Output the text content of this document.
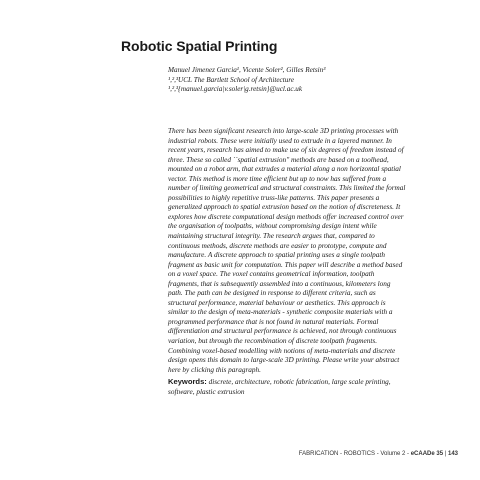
Robotic Spatial Printing

Manuel Jimenez Garcia¹, Vicente Soler², Gilles Retsin³

¹,²,³UCL The Bartlett School of Architecture

¹,²,³{manuel.garcia|v.soler|g.retsin}@ucl.ac.uk

There has been significant research into large-scale 3D printing processes with

industrial robots. These were initially used to extrude in a layered manner. In

recent years, research has aimed to make use of six degrees of freedom instead of

three. These so called ``spatial extrusion'' methods are based on a toolhead,

mounted on a robot arm, that extrudes a material along a non horizontal spatial

vector. This method is more time efficient but up to now has suffered from a

number of limiting geometrical and structural constraints. This limited the formal

possibilities to highly repetitive truss-like patterns. This paper presents a

generalized approach to spatial extrusion based on the notion of discreteness. It

explores how discrete computational design methods offer increased control over

the organisation of toolpaths, without compromising design intent while

maintaining structural integrity. The research argues that, compared to

continuous methods, discrete methods are easier to prototype, compute and

manufacture. A discrete approach to spatial printing uses a single toolpath

fragment as basic unit for computation. This paper will describe a method based

on a voxel space. The voxel contains geometrical information, toolpath

fragments, that is subsequently assembled into a continuous, kilometers long

path. The path can be designed in response to different criteria, such as

structural performance, material behaviour or aesthetics. This approach is

similar to the design of meta-materials - synthetic composite materials with a

programmed performance that is not found in natural materials. Formal

differentiation and structural performance is achieved, not through continuous

variation, but through the recombination of discrete toolpath fragments.

Combining voxel-based modelling with notions of meta-materials and discrete

design opens this domain to large-scale 3D printing. Please write your abstract

here by clicking this paragraph.

Keywords: discrete, architecture, robotic fabrication, large scale printing,

software, plastic extrusion

FABRICATION - ROBOTICS - Volume 2 - eCAADe 35 | 143
